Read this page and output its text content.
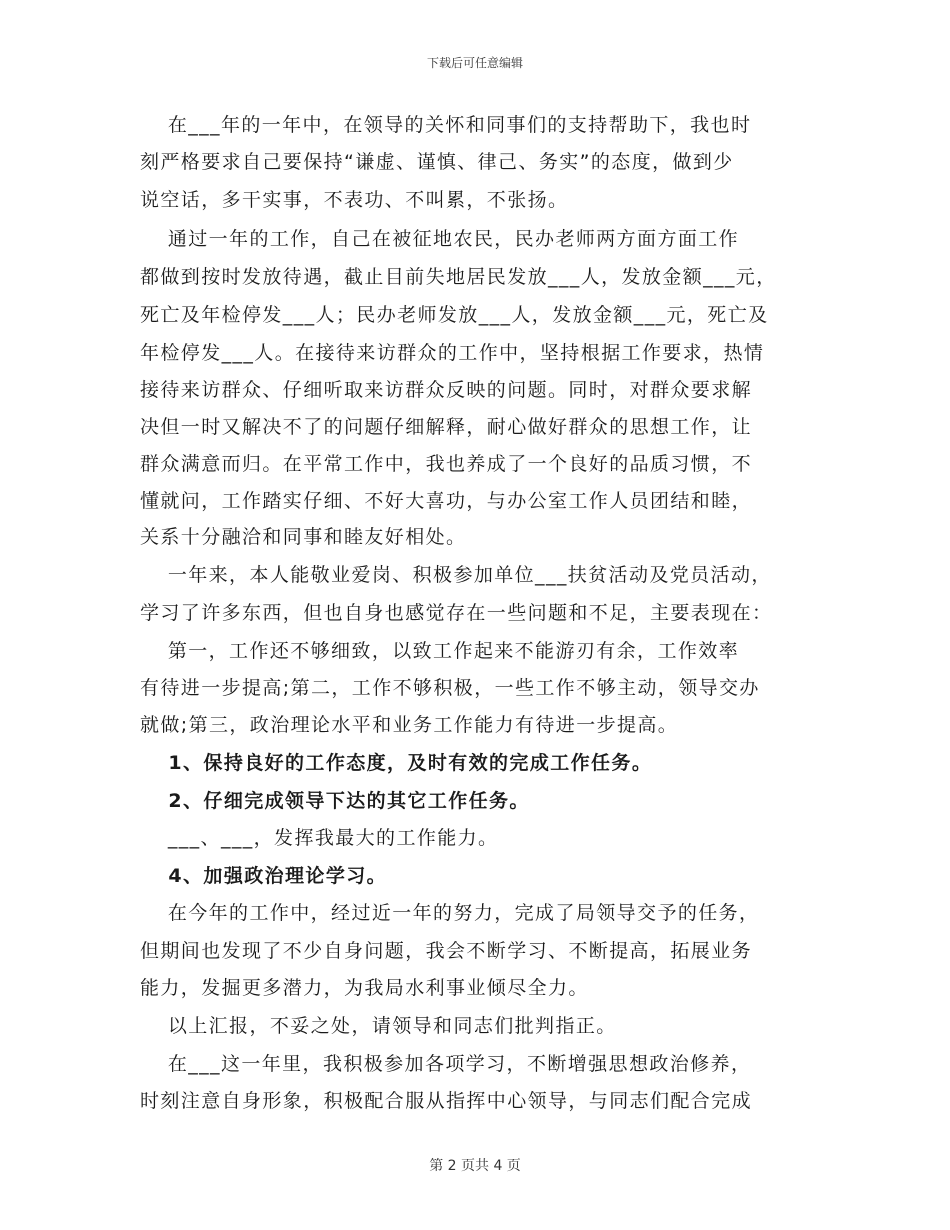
下载后可任意编辑
　 在___年的一年中，在领导的关怀和同事们的支持帮助下，我也时
刻严格要求自己要保持“谦虚、谨慎、律己、务实”的态度，做到少
说空话，多干实事，不表功、不叫累，不张扬。
　 通过一年的工作，自己在被征地农民，民办老师两方面方面工作
都做到按时发放待遇，截止目前失地居民发放___人，发放金额___元，
死亡及年检停发___人；民办老师发放___人，发放金额___元，死亡及
年检停发___人。在接待来访群众的工作中，坚持根据工作要求，热情
接待来访群众、仔细听取来访群众反映的问题。同时，对群众要求解
决但一时又解决不了的问题仔细解释，耐心做好群众的思想工作，让
群众满意而归。在平常工作中，我也养成了一个良好的品质习惯，不
懂就问，工作踏实仔细、不好大喜功，与办公室工作人员团结和睦，
关系十分融洽和同事和睦友好相处。
　 一年来，本人能敬业爱岗、积极参加单位___扶贫活动及党员活动，
学习了许多东西，但也自身也感觉存在一些问题和不足，主要表现在：
　 第一，工作还不够细致，以致工作起来不能游刃有余，工作效率
有待进一步提高;第二，工作不够积极，一些工作不够主动，领导交办
就做;第三，政治理论水平和业务工作能力有待进一步提高。
　 1、保持良好的工作态度，及时有效的完成工作任务。
　 2、仔细完成领导下达的其它工作任务。
　 ___、___，发挥我最大的工作能力。
　 4、加强政治理论学习。
　 在今年的工作中，经过近一年的努力，完成了局领导交予的任务，
但期间也发现了不少自身问题，我会不断学习、不断提高，拓展业务
能力，发掘更多潜力，为我局水利事业倾尽全力。
　 以上汇报，不妥之处，请领导和同志们批判指正。
　 在___这一年里，我积极参加各项学习，不断增强思想政治修养，
时刻注意自身形象，积极配合服从指挥中心领导，与同志们配合完成
第 2 页共 4 页
